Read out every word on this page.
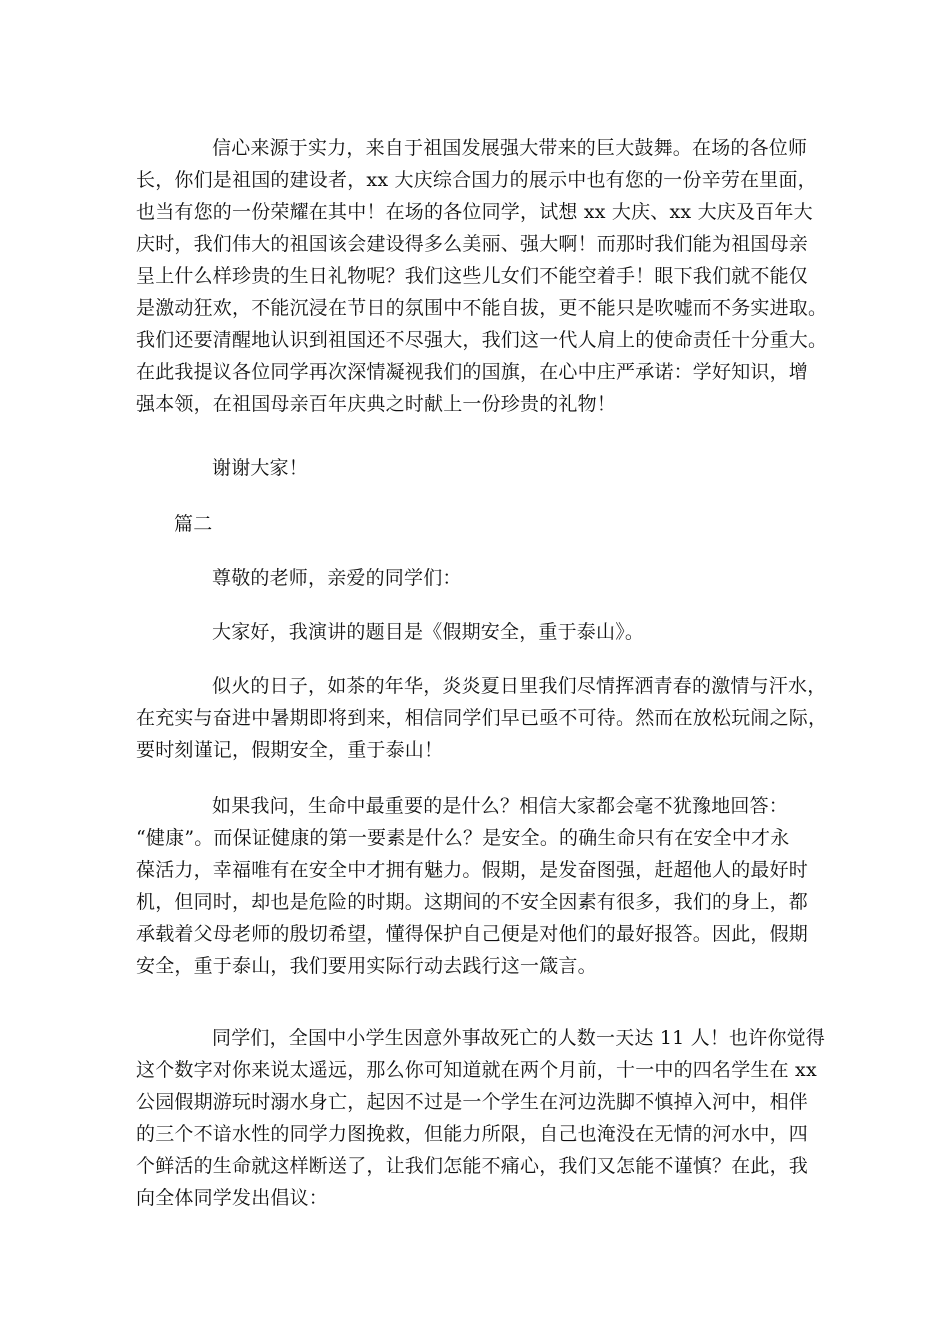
信心来源于实力，来自于祖国发展强大带来的巨大鼓舞。在场的各位师
长，你们是祖国的建设者，xx 大庆综合国力的展示中也有您的一份辛劳在里面，
也当有您的一份荣耀在其中！在场的各位同学，试想 xx 大庆、xx 大庆及百年大
庆时，我们伟大的祖国该会建设得多么美丽、强大啊！而那时我们能为祖国母亲
呈上什么样珍贵的生日礼物呢？我们这些儿女们不能空着手！眼下我们就不能仅
是激动狂欢，不能沉浸在节日的氛围中不能自拔，更不能只是吹嘘而不务实进取。
我们还要清醒地认识到祖国还不尽强大，我们这一代人肩上的使命责任十分重大。
在此我提议各位同学再次深情凝视我们的国旗，在心中庄严承诺：学好知识，增
强本领，在祖国母亲百年庆典之时献上一份珍贵的礼物！
谢谢大家！
篇二
尊敬的老师，亲爱的同学们：
大家好，我演讲的题目是《假期安全，重于泰山》。
似火的日子，如茶的年华，炎炎夏日里我们尽情挥洒青春的激情与汗水，
在充实与奋进中暑期即将到来，相信同学们早已亟不可待。然而在放松玩闹之际，
要时刻谨记，假期安全，重于泰山！
如果我问，生命中最重要的是什么？相信大家都会毫不犹豫地回答：
“健康”。而保证健康的第一要素是什么？是安全。的确生命只有在安全中才永
葆活力，幸福唯有在安全中才拥有魅力。假期，是发奋图强，赶超他人的最好时
机，但同时，却也是危险的时期。这期间的不安全因素有很多，我们的身上，都
承载着父母老师的殷切希望，懂得保护自己便是对他们的最好报答。因此，假期
安全，重于泰山，我们要用实际行动去践行这一箴言。
同学们，全国中小学生因意外事故死亡的人数一天达 11 人！也许你觉得
这个数字对你来说太遥远，那么你可知道就在两个月前，十一中的四名学生在 xx
公园假期游玩时溺水身亡，起因不过是一个学生在河边洗脚不慎掉入河中，相伴
的三个不谙水性的同学力图挽救，但能力所限，自己也淹没在无情的河水中，四
个鲜活的生命就这样断送了，让我们怎能不痛心，我们又怎能不谨慎？在此，我
向全体同学发出倡议：
